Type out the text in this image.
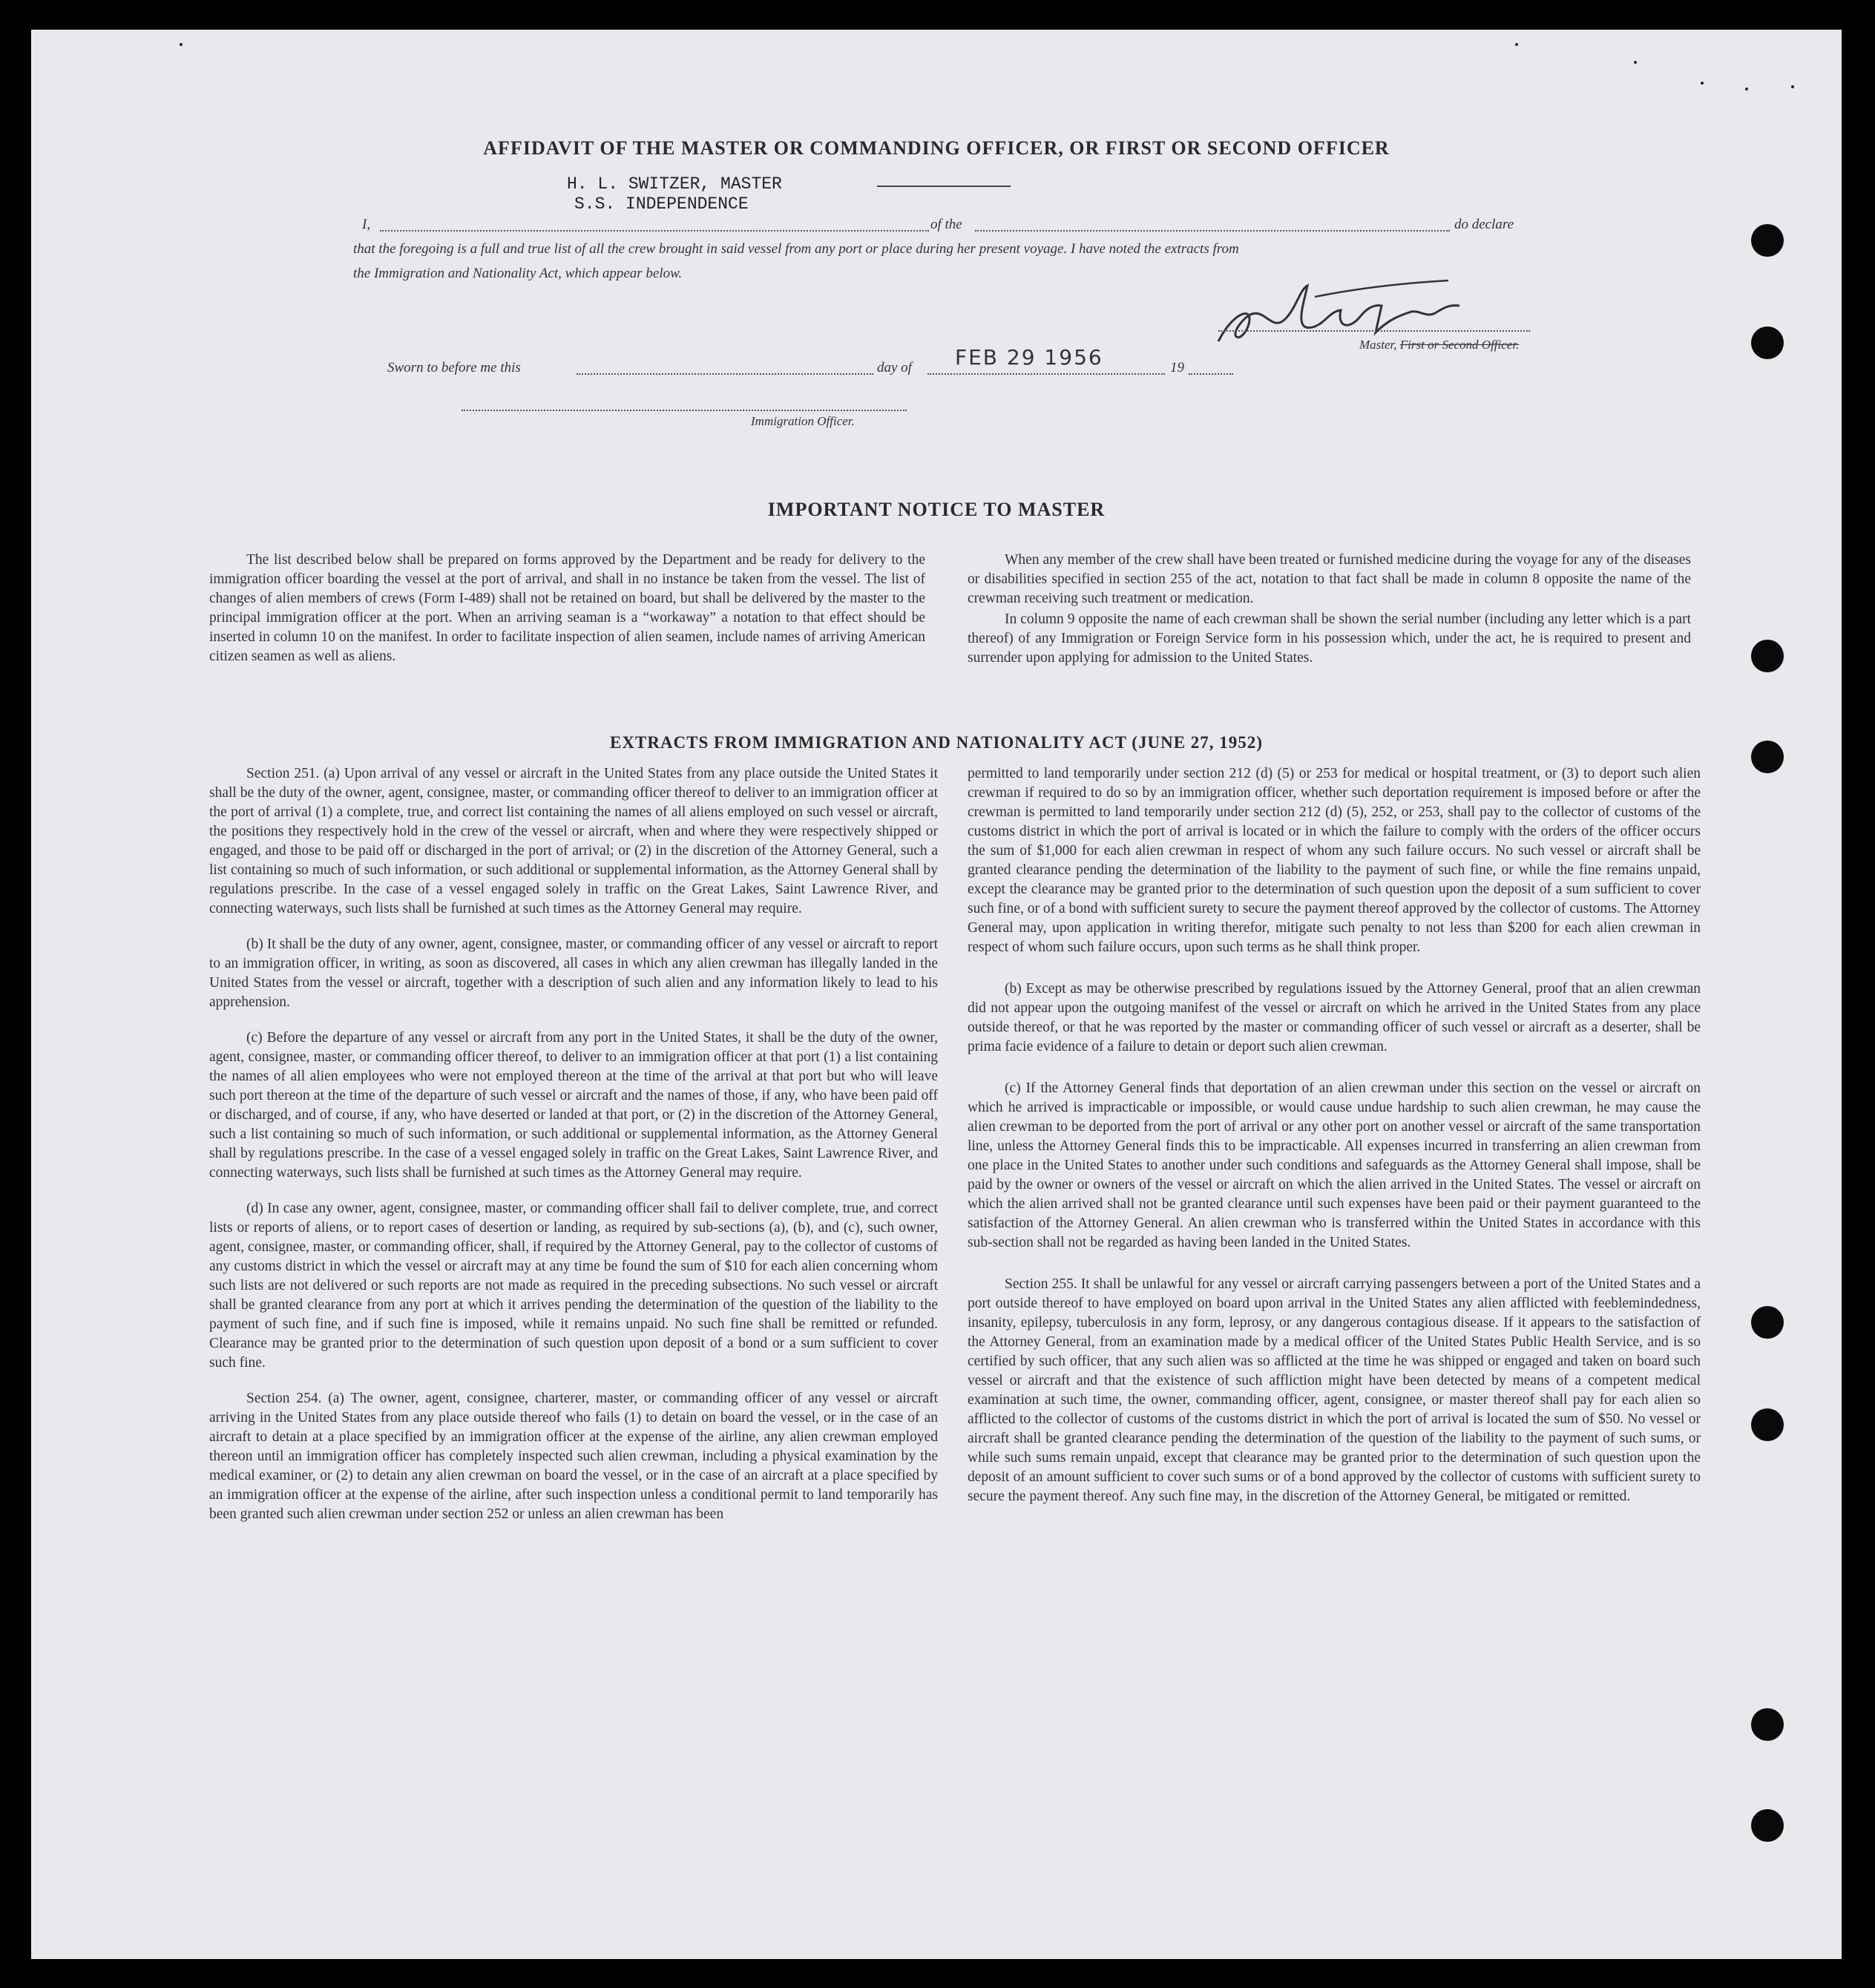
AFFIDAVIT OF THE MASTER OR COMMANDING OFFICER, OR FIRST OR SECOND OFFICER
H. L. SWITZER, MASTER
S.S. INDEPENDENCE
I,	of the	do declare
that the foregoing is a full and true list of all the crew brought in said vessel from any port or place during her present voyage. I have noted the extracts from
the Immigration and Nationality Act, which appear below.
Master, First or Second Officer.
Sworn to before me this	day of FEB 29 1956	19
Immigration Officer.
IMPORTANT NOTICE TO MASTER

The list described below shall be prepared on forms approved by the Department and be ready for delivery to the immigration officer boarding the vessel at the port of arrival, and shall in no instance be taken from the vessel. The list of changes of alien members of crews (Form I-489) shall not be retained on board, but shall be delivered by the master to the principal immigration officer at the port. When an arriving seaman is a “workaway” a notation to that effect should be inserted in column 10 on the manifest. In order to facilitate inspection of alien seamen, include names of arriving American citizen seamen as well as aliens.

When any member of the crew shall have been treated or furnished medicine during the voyage for any of the diseases or disabilities specified in section 255 of the act, notation to that fact shall be made in column 8 opposite the name of the crewman receiving such treatment or medication.

In column 9 opposite the name of each crewman shall be shown the serial number (including any letter which is a part thereof) of any Immigration or Foreign Service form in his possession which, under the act, he is required to present and surrender upon applying for admission to the United States.

EXTRACTS FROM IMMIGRATION AND NATIONALITY ACT (JUNE 27, 1952)

Section 251. (a) Upon arrival of any vessel or aircraft in the United States from any place outside the United States it shall be the duty of the owner, agent, consignee, master, or commanding officer thereof to deliver to an immigration officer at the port of arrival (1) a complete, true, and correct list containing the names of all aliens employed on such vessel or aircraft, the positions they respectively hold in the crew of the vessel or aircraft, when and where they were respectively shipped or engaged, and those to be paid off or discharged in the port of arrival; or (2) in the discretion of the Attorney General, such a list containing so much of such information, or such additional or supplemental information, as the Attorney General shall by regulations prescribe. In the case of a vessel engaged solely in traffic on the Great Lakes, Saint Lawrence River, and connecting waterways, such lists shall be furnished at such times as the Attorney General may require.

(b) It shall be the duty of any owner, agent, consignee, master, or commanding officer of any vessel or aircraft to report to an immigration officer, in writing, as soon as discovered, all cases in which any alien crewman has illegally landed in the United States from the vessel or aircraft, together with a description of such alien and any information likely to lead to his apprehension.

(c) Before the departure of any vessel or aircraft from any port in the United States, it shall be the duty of the owner, agent, consignee, master, or commanding officer thereof, to deliver to an immigration officer at that port (1) a list containing the names of all alien employees who were not employed thereon at the time of the arrival at that port but who will leave such port thereon at the time of the departure of such vessel or aircraft and the names of those, if any, who have been paid off or discharged, and of course, if any, who have deserted or landed at that port, or (2) in the discretion of the Attorney General, such a list containing so much of such information, or such additional or supplemental information, as the Attorney General shall by regulations prescribe. In the case of a vessel engaged solely in traffic on the Great Lakes, Saint Lawrence River, and connecting waterways, such lists shall be furnished at such times as the Attorney General may require.

(d) In case any owner, agent, consignee, master, or commanding officer shall fail to deliver complete, true, and correct lists or reports of aliens, or to report cases of desertion or landing, as required by sub-sections (a), (b), and (c), such owner, agent, consignee, master, or commanding officer, shall, if required by the Attorney General, pay to the collector of customs of any customs district in which the vessel or aircraft may at any time be found the sum of $10 for each alien concerning whom such lists are not delivered or such reports are not made as required in the preceding subsections. No such vessel or aircraft shall be granted clearance from any port at which it arrives pending the determination of the question of the liability to the payment of such fine, and if such fine is imposed, while it remains unpaid. No such fine shall be remitted or refunded. Clearance may be granted prior to the determination of such question upon deposit of a bond or a sum sufficient to cover such fine.

Section 254. (a) The owner, agent, consignee, charterer, master, or commanding officer of any vessel or aircraft arriving in the United States from any place outside thereof who fails (1) to detain on board the vessel, or in the case of an aircraft to detain at a place specified by an immigration officer at the expense of the airline, any alien crewman employed thereon until an immigration officer has completely inspected such alien crewman, including a physical examination by the medical examiner, or (2) to detain any alien crewman on board the vessel, or in the case of an aircraft at a place specified by an immigration officer at the expense of the airline, after such inspection unless a conditional permit to land temporarily has been granted such alien crewman under section 252 or unless an alien crewman has been

permitted to land temporarily under section 212 (d) (5) or 253 for medical or hospital treatment, or (3) to deport such alien crewman if required to do so by an immigration officer, whether such deportation requirement is imposed before or after the crewman is permitted to land temporarily under section 212 (d) (5), 252, or 253, shall pay to the collector of customs of the customs district in which the port of arrival is located or in which the failure to comply with the orders of the officer occurs the sum of $1,000 for each alien crewman in respect of whom any such failure occurs. No such vessel or aircraft shall be granted clearance pending the determination of the liability to the payment of such fine, or while the fine remains unpaid, except the clearance may be granted prior to the determination of such question upon the deposit of a sum sufficient to cover such fine, or of a bond with sufficient surety to secure the payment thereof approved by the collector of customs. The Attorney General may, upon application in writing therefor, mitigate such penalty to not less than $200 for each alien crewman in respect of whom such failure occurs, upon such terms as he shall think proper.

(b) Except as may be otherwise prescribed by regulations issued by the Attorney General, proof that an alien crewman did not appear upon the outgoing manifest of the vessel or aircraft on which he arrived in the United States from any place outside thereof, or that he was reported by the master or commanding officer of such vessel or aircraft as a deserter, shall be prima facie evidence of a failure to detain or deport such alien crewman.

(c) If the Attorney General finds that deportation of an alien crewman under this section on the vessel or aircraft on which he arrived is impracticable or impossible, or would cause undue hardship to such alien crewman, he may cause the alien crewman to be deported from the port of arrival or any other port on another vessel or aircraft of the same transportation line, unless the Attorney General finds this to be impracticable. All expenses incurred in transferring an alien crewman from one place in the United States to another under such conditions and safeguards as the Attorney General shall impose, shall be paid by the owner or owners of the vessel or aircraft on which the alien arrived in the United States. The vessel or aircraft on which the alien arrived shall not be granted clearance until such expenses have been paid or their payment guaranteed to the satisfaction of the Attorney General. An alien crewman who is transferred within the United States in accordance with this sub-section shall not be regarded as having been landed in the United States.

Section 255. It shall be unlawful for any vessel or aircraft carrying passengers between a port of the United States and a port outside thereof to have employed on board upon arrival in the United States any alien afflicted with feeblemindedness, insanity, epilepsy, tuberculosis in any form, leprosy, or any dangerous contagious disease. If it appears to the satisfaction of the Attorney General, from an examination made by a medical officer of the United States Public Health Service, and is so certified by such officer, that any such alien was so afflicted at the time he was shipped or engaged and taken on board such vessel or aircraft and that the existence of such affliction might have been detected by means of a competent medical examination at such time, the owner, commanding officer, agent, consignee, or master thereof shall pay for each alien so afflicted to the collector of customs of the customs district in which the port of arrival is located the sum of $50. No vessel or aircraft shall be granted clearance pending the determination of the question of the liability to the payment of such sums, or while such sums remain unpaid, except that clearance may be granted prior to the determination of such question upon the deposit of an amount sufficient to cover such sums or of a bond approved by the collector of customs with sufficient surety to secure the payment thereof. Any such fine may, in the discretion of the Attorney General, be mitigated or remitted.
